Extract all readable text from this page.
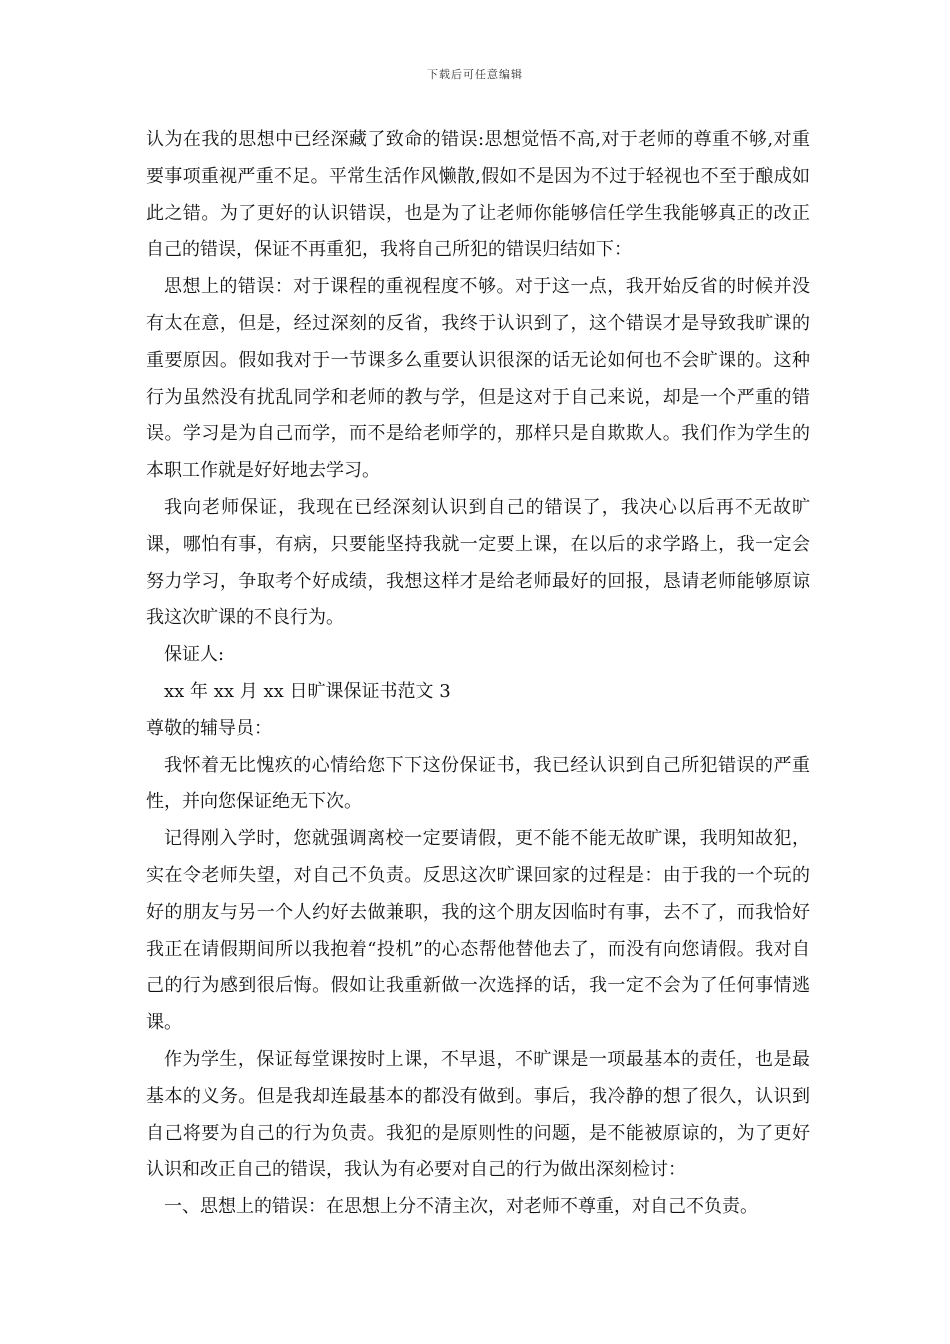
下载后可任意编辑

认为在我的思想中已经深藏了致命的错误:思想觉悟不高,对于老师的尊重不够,对重要事项重视严重不足。平常生活作风懒散,假如不是因为不过于轻视也不至于酿成如此之错。为了更好的认识错误，也是为了让老师你能够信任学生我能够真正的改正自己的错误，保证不再重犯，我将自己所犯的错误归结如下：

思想上的错误：对于课程的重视程度不够。对于这一点，我开始反省的时候并没有太在意，但是，经过深刻的反省，我终于认识到了，这个错误才是导致我旷课的重要原因。假如我对于一节课多么重要认识很深的话无论如何也不会旷课的。这种行为虽然没有扰乱同学和老师的教与学，但是这对于自己来说，却是一个严重的错误。学习是为自己而学，而不是给老师学的，那样只是自欺欺人。我们作为学生的本职工作就是好好地去学习。

我向老师保证，我现在已经深刻认识到自己的错误了，我决心以后再不无故旷课，哪怕有事，有病，只要能坚持我就一定要上课，在以后的求学路上，我一定会努力学习，争取考个好成绩，我想这样才是给老师最好的回报，恳请老师能够原谅我这次旷课的不良行为。

保证人:

xx 年 xx 月 xx 日旷课保证书范文 3

尊敬的辅导员：

我怀着无比愧疚的心情给您下下这份保证书，我已经认识到自己所犯错误的严重性，并向您保证绝无下次。

记得刚入学时，您就强调离校一定要请假，更不能不能无故旷课，我明知故犯，实在令老师失望，对自己不负责。反思这次旷课回家的过程是：由于我的一个玩的好的朋友与另一个人约好去做兼职，我的这个朋友因临时有事，去不了，而我恰好我正在请假期间所以我抱着“投机”的心态帮他替他去了，而没有向您请假。我对自己的行为感到很后悔。假如让我重新做一次选择的话，我一定不会为了任何事情逃课。

作为学生，保证每堂课按时上课，不早退，不旷课是一项最基本的责任，也是最基本的义务。但是我却连最基本的都没有做到。事后，我冷静的想了很久，认识到自己将要为自己的行为负责。我犯的是原则性的问题，是不能被原谅的，为了更好认识和改正自己的错误，我认为有必要对自己的行为做出深刻检讨：

一、思想上的错误：在思想上分不清主次，对老师不尊重，对自己不负责。
